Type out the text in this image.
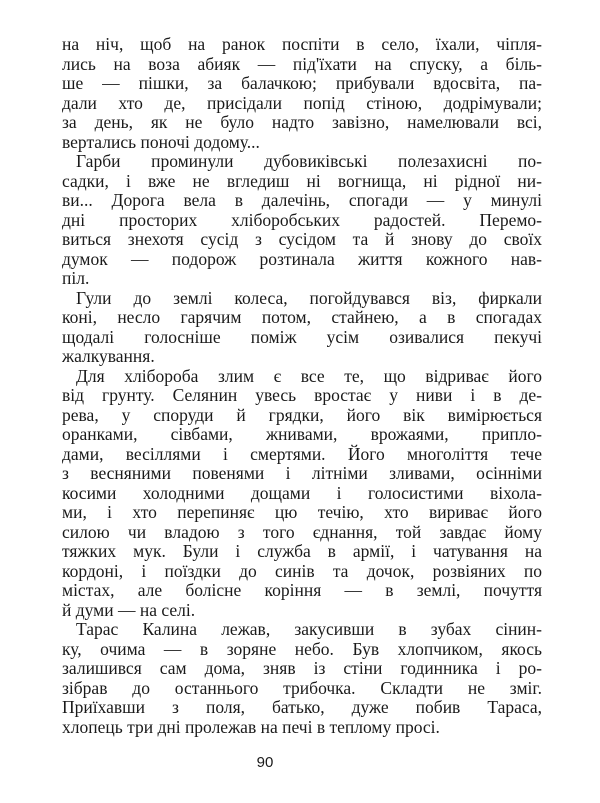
на ніч, щоб на ранок поспіти в село, їхали, чіпля-
лись на воза абияк — під'їхати на спуску, а біль-
ше — пішки, за балачкою; прибували вдосвіта, па-
дали хто де, присідали попід стіною, додрімували;
за день, як не було надто завізно, намелювали всі,
вертались поночі додому...
Гарби проминули дубовиківські полезахисні по-
садки, і вже не вгледиш ні вогнища, ні рідної ни-
ви... Дорога вела в далечінь, спогади — у минулі
дні просторих хліборобських радостей. Перемо-
виться знехотя сусід з сусідом та й знову до своїх
думок — подорож розтинала життя кожного нав-
піл.
Гули до землі колеса, погойдувався віз, фиркали
коні, несло гарячим потом, стайнею, а в спогадах
щодалі голосніше поміж усім озивалися пекучі
жалкування.
Для хлібороба злим є все те, що відриває його
від грунту. Селянин увесь вростає у ниви і в де-
рева, у споруди й грядки, його вік вимірюється
оранками, сівбами, жнивами, врожаями, припло-
дами, весіллями і смертями. Його многоліття тече
з весняними повенями і літніми зливами, осінніми
косими холодними дощами і голосистими віхола-
ми, і хто перепиняє цю течію, хто вириває його
силою чи владою з того єднання, той завдає йому
тяжких мук. Були і служба в армії, і чатування на
кордоні, і поїздки до синів та дочок, розвіяних по
містах, але болісне коріння — в землі, почуття
й думи — на селі.
Тарас Калина лежав, закусивши в зубах сінин-
ку, очима — в зоряне небо. Був хлопчиком, якось
залишився сам дома, зняв із стіни годинника і ро-
зібрав до останнього трибочка. Складти не зміг.
Приїхавши з поля, батько, дуже побив Тараса,
хлопець три дні пролежав на печі в теплому просі.
90
